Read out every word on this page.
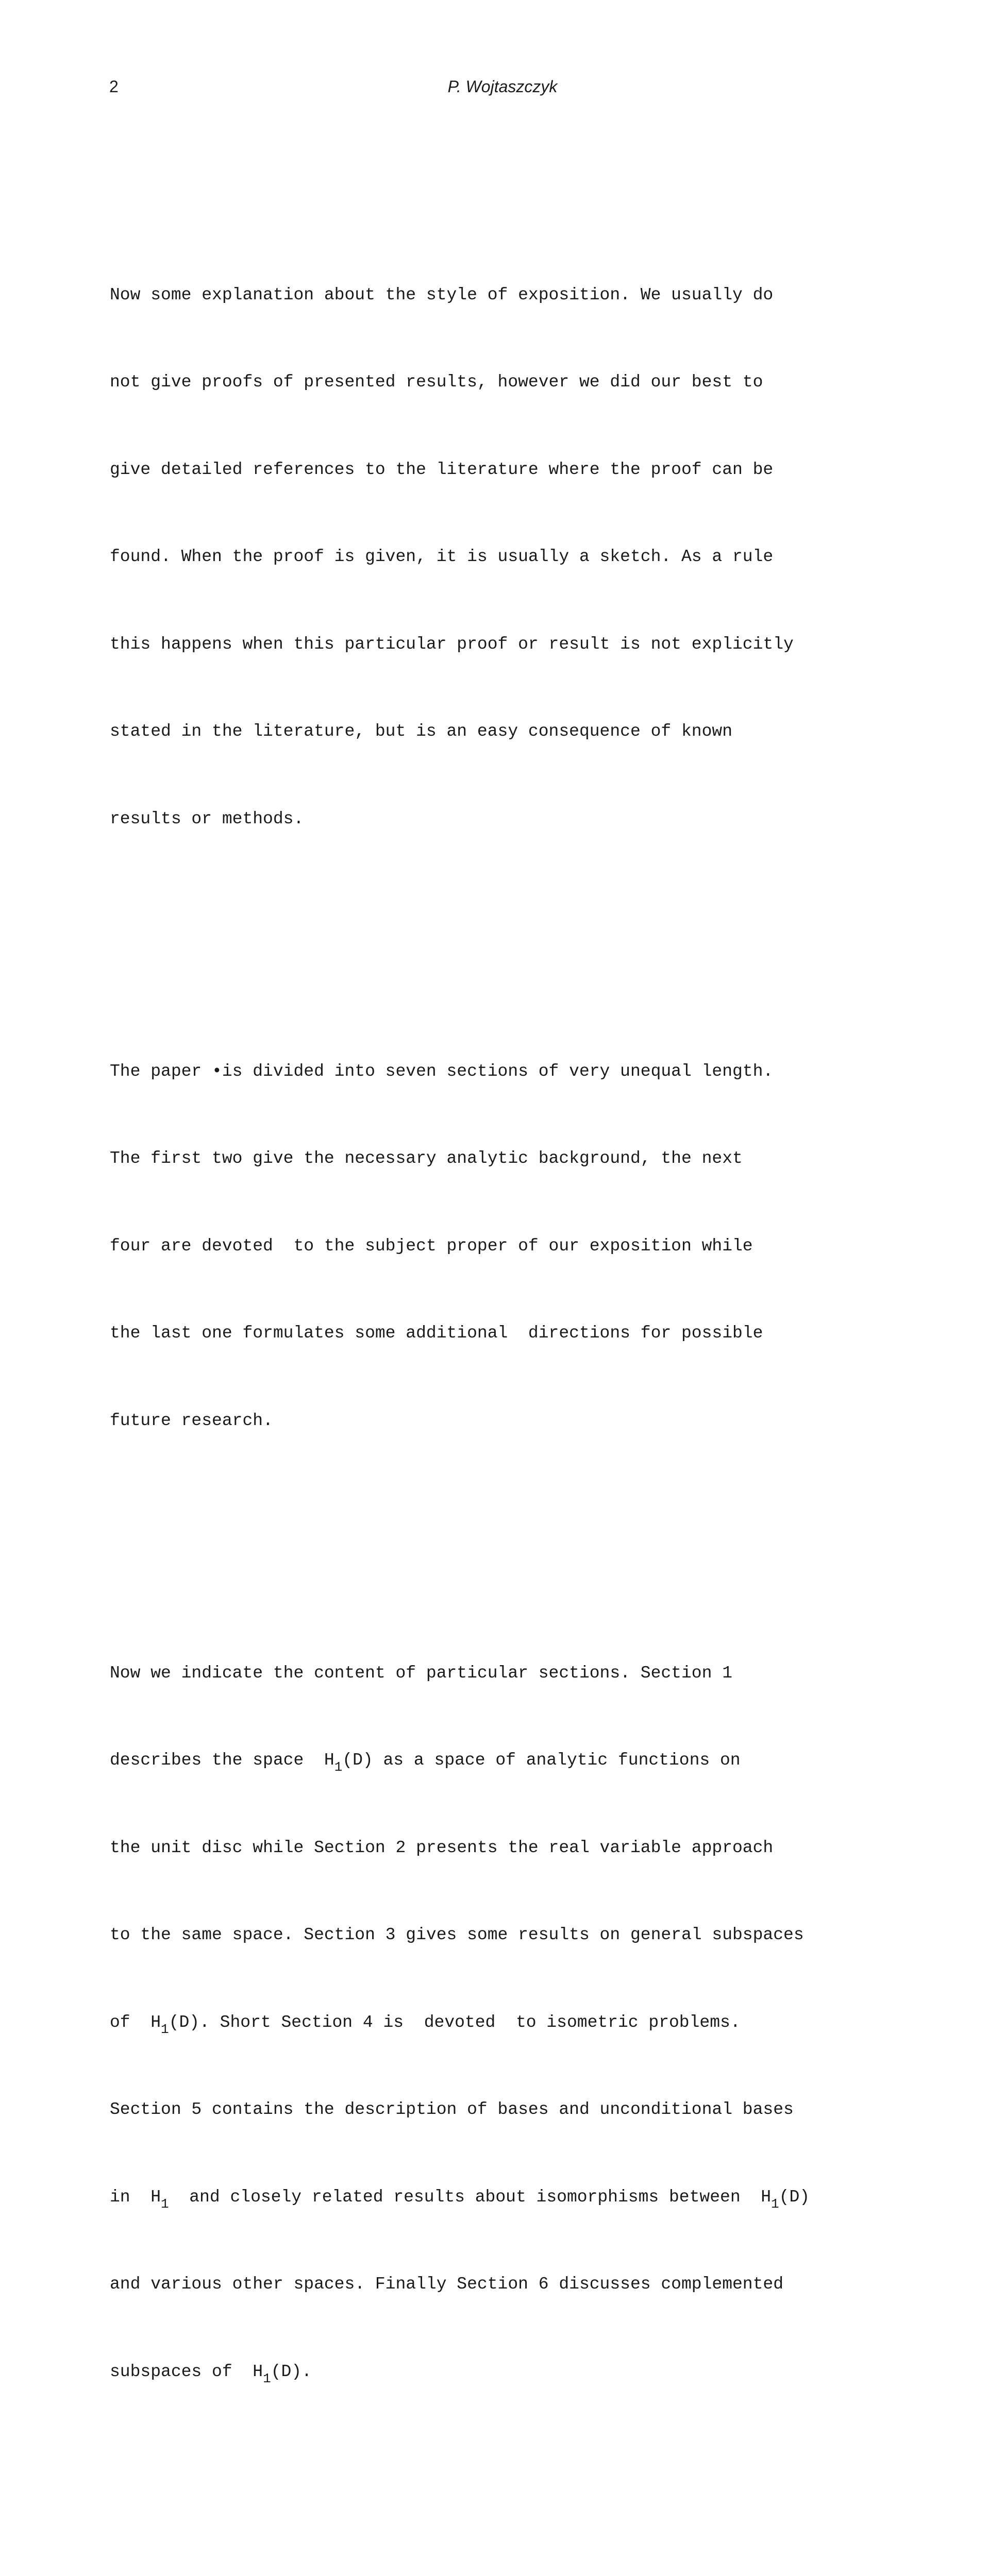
2	P. Wojtaszczyk

Now some explanation about the style of exposition. We usually do

not give proofs of presented results, however we did our best to

give detailed references to the literature where the proof can be

found. When the proof is given, it is usually a sketch. As a rule

this happens when this particular proof or result is not explicitly

stated in the literature, but is an easy consequence of known

results or methods.

The paper •is divided into seven sections of very unequal length.

The first two give the necessary analytic background, the next

four are devoted  to the subject proper of our exposition while

the last one formulates some additional  directions for possible

future research.

Now we indicate the content of particular sections. Section 1

describes the space  $H_1(D)$ as a space of analytic functions on

the unit disc while Section 2 presents the real variable approach

to the same space. Section 3 gives some results on general subspaces

of  $H_1(D)$. Short Section 4 is  devoted  to isometric problems.

Section 5 contains the description of bases and unconditional bases

in  $H_1$  and closely related results about isomorphisms between  $H_1(D)$

and various other spaces. Finally Section 6 discusses complemented

subspaces of  $H_1(D)$.
